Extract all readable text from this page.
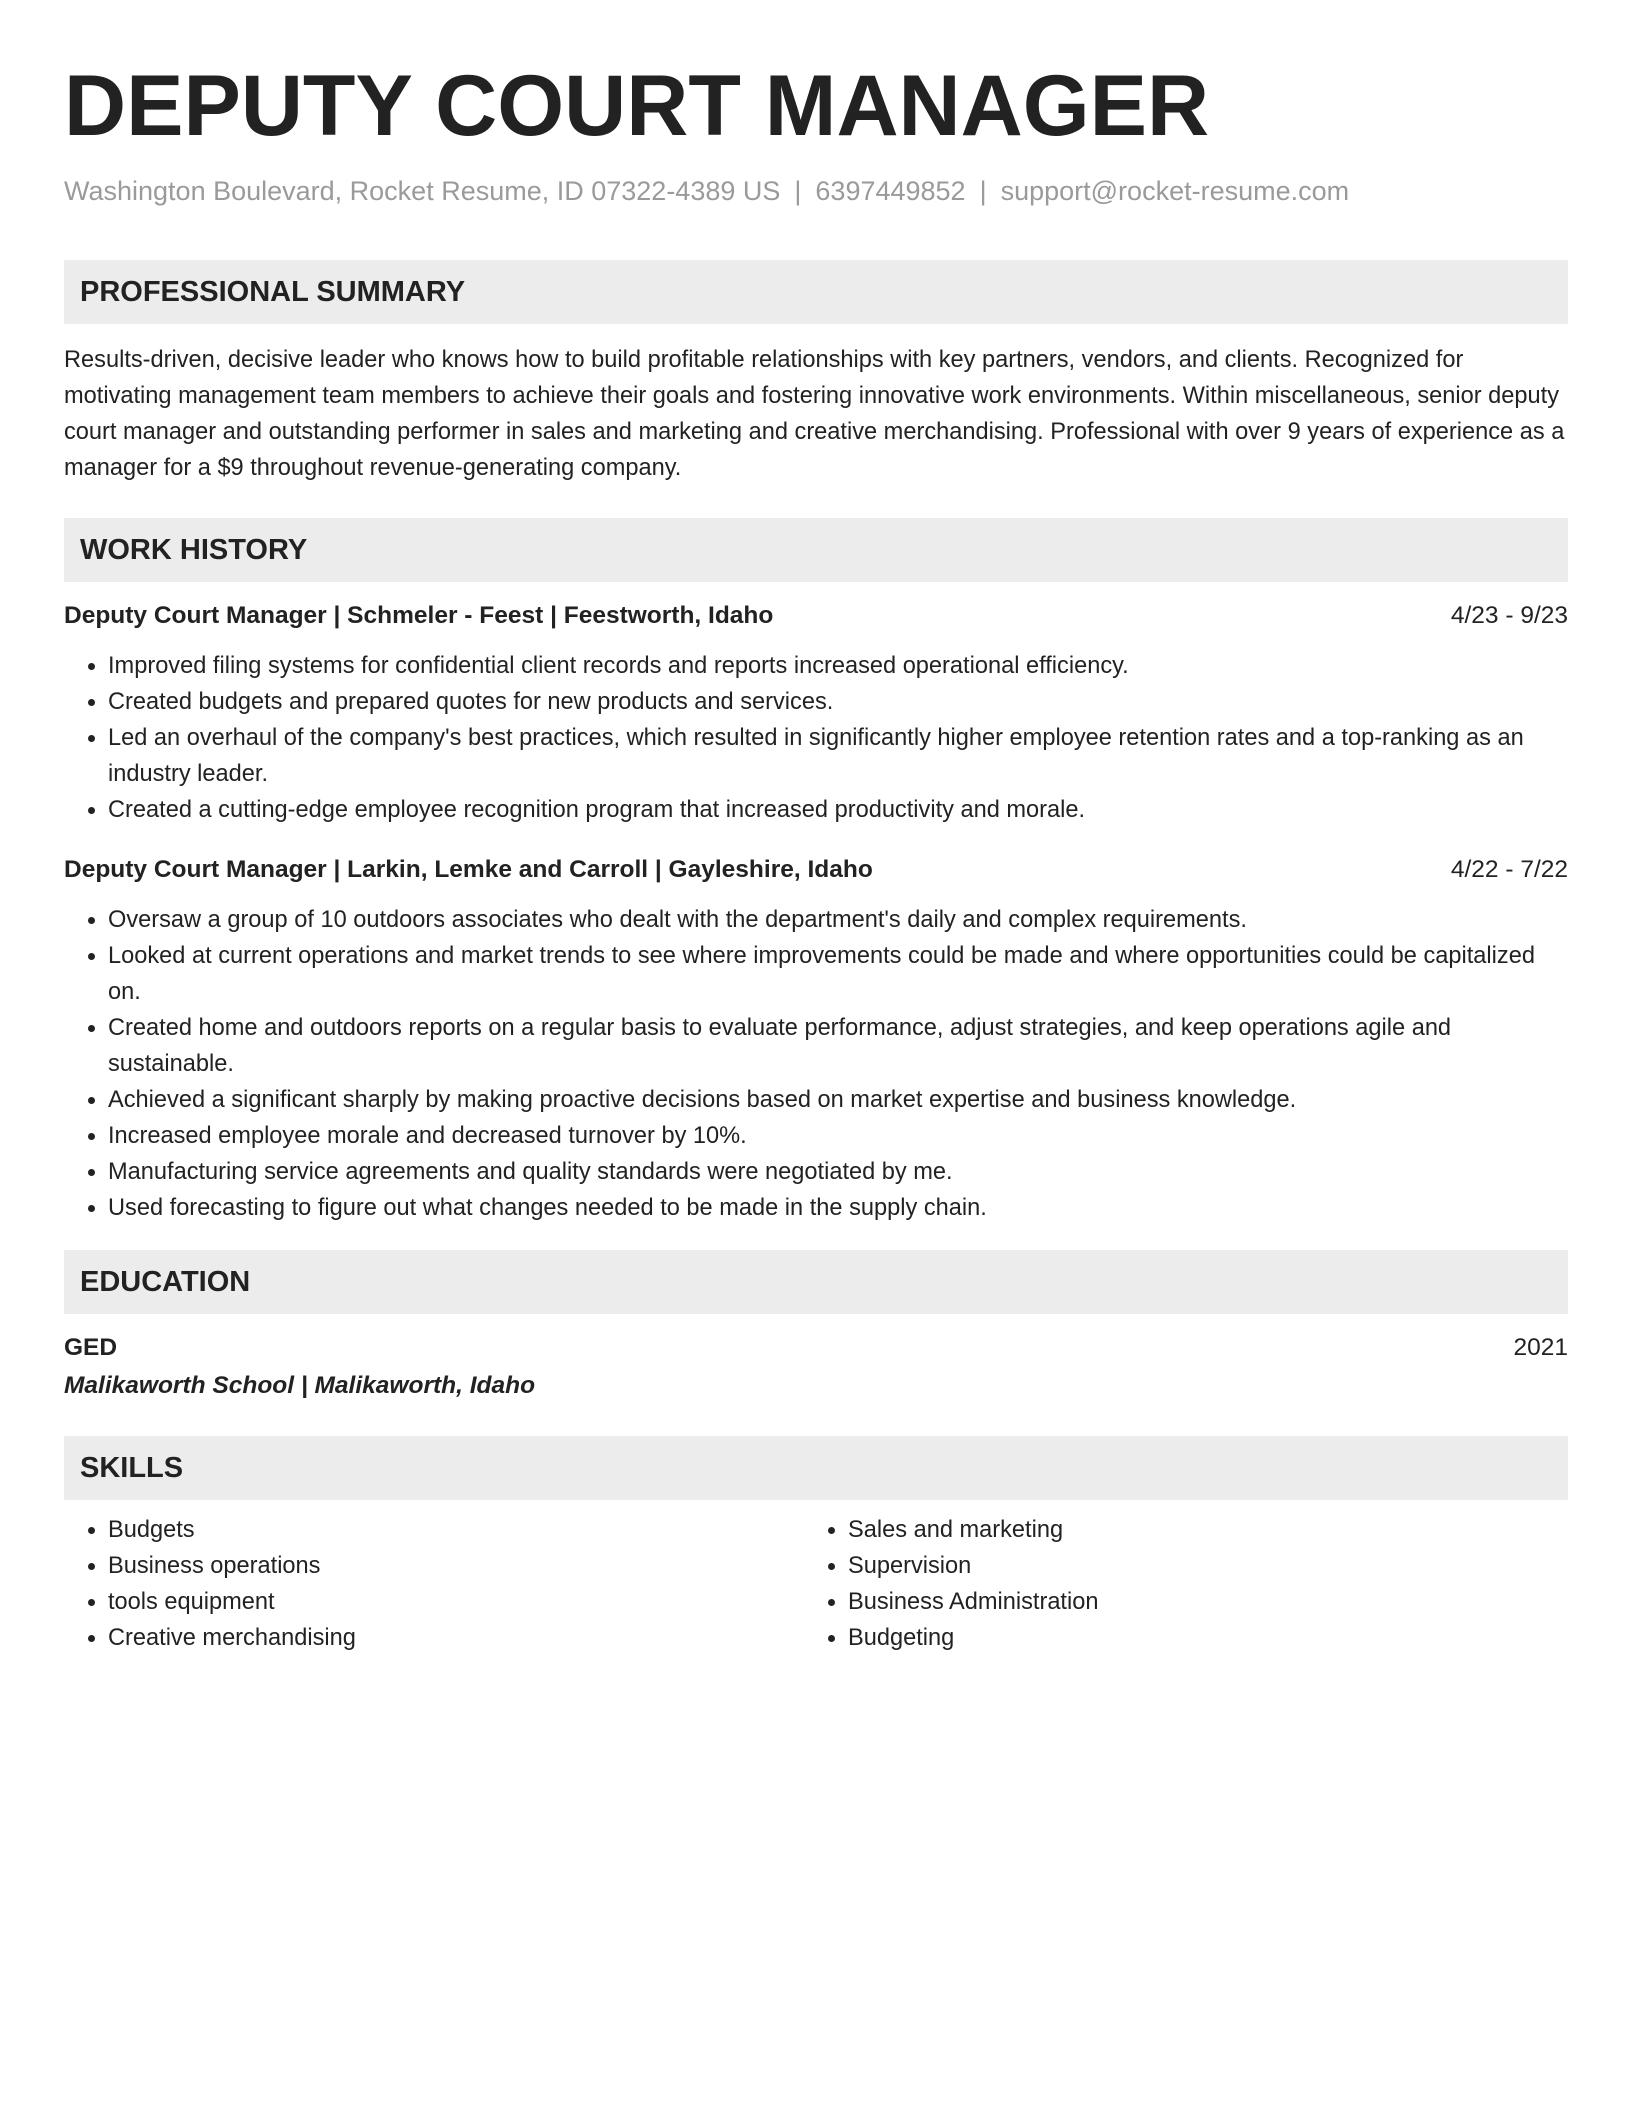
DEPUTY COURT MANAGER
Washington Boulevard, Rocket Resume, ID 07322-4389 US | 6397449852 | support@rocket-resume.com
PROFESSIONAL SUMMARY

Results-driven, decisive leader who knows how to build profitable relationships with key partners, vendors, and clients. Recognized for motivating management team members to achieve their goals and fostering innovative work environments. Within miscellaneous, senior deputy court manager and outstanding performer in sales and marketing and creative merchandising. Professional with over 9 years of experience as a manager for a $9 throughout revenue-generating company.

WORK HISTORY
Deputy Court Manager | Schmeler - Feest | Feestworth, Idaho	4/23 - 9/23
• Improved filing systems for confidential client records and reports increased operational efficiency.
• Created budgets and prepared quotes for new products and services.
• Led an overhaul of the company's best practices, which resulted in significantly higher employee retention rates and a top-ranking as an industry leader.
• Created a cutting-edge employee recognition program that increased productivity and morale.
Deputy Court Manager | Larkin, Lemke and Carroll | Gayleshire, Idaho	4/22 - 7/22
• Oversaw a group of 10 outdoors associates who dealt with the department's daily and complex requirements.
• Looked at current operations and market trends to see where improvements could be made and where opportunities could be capitalized on.
• Created home and outdoors reports on a regular basis to evaluate performance, adjust strategies, and keep operations agile and sustainable.
• Achieved a significant sharply by making proactive decisions based on market expertise and business knowledge.
• Increased employee morale and decreased turnover by 10%.
• Manufacturing service agreements and quality standards were negotiated by me.
• Used forecasting to figure out what changes needed to be made in the supply chain.
EDUCATION
GED	2021
Malikaworth School | Malikaworth, Idaho
SKILLS
• Budgets
• Business operations
• tools equipment
• Creative merchandising
• Sales and marketing
• Supervision
• Business Administration
• Budgeting
